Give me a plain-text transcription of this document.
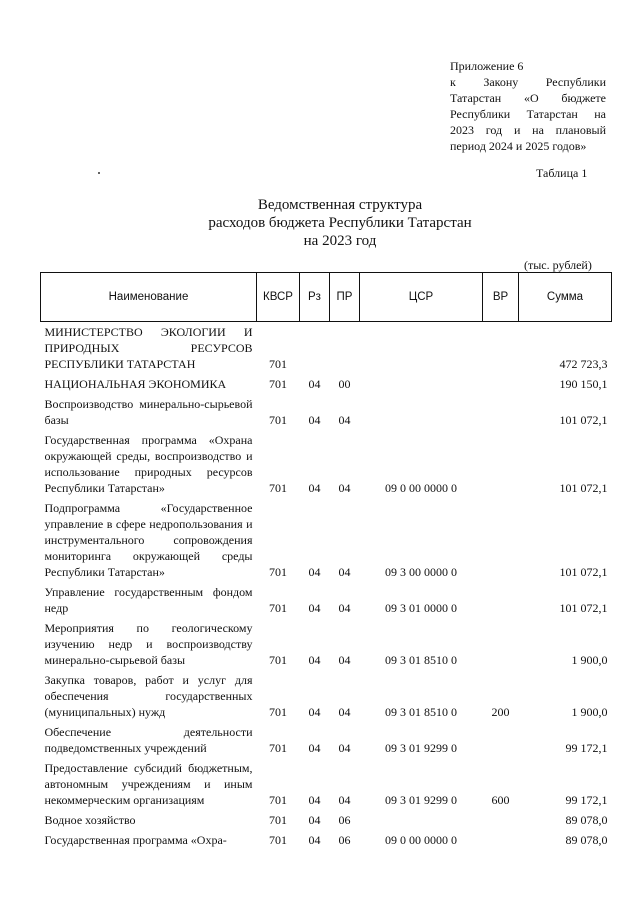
Приложение 6
к Закону Республики
Татарстан «О бюджете
Республики Татарстан на
2023 год и на плановый
период 2024 и 2025 годов»
Таблица 1
Ведомственная структура
расходов бюджета Республики Татарстан
на 2023 год
(тыс. рублей)
Наименование	КВСР	Рз	ПР	ЦСР	ВР	Сумма
МИНИСТЕРСТВО ЭКОЛОГИИ И ПРИРОДНЫХ РЕСУРСОВ РЕСПУБЛИКИ ТАТАРСТАН	701					472 723,3
НАЦИОНАЛЬНАЯ ЭКОНОМИКА	701	04	00			190 150,1
Воспроизводство минерально-сырьевой базы	701	04	04			101 072,1
Государственная программа «Охрана окружающей среды, воспроизводство и использование природных ресурсов Республики Татарстан»	701	04	04	09 0 00 0000 0		101 072,1
Подпрограмма «Государственное управление в сфере недропользования и инструментального сопровождения мониторинга окружающей среды Республики Татарстан»	701	04	04	09 3 00 0000 0		101 072,1
Управление государственным фондом недр	701	04	04	09 3 01 0000 0		101 072,1
Мероприятия по геологическому изучению недр и воспроизводству минерально-сырьевой базы	701	04	04	09 3 01 8510 0		1 900,0
Закупка товаров, работ и услуг для обеспечения государственных (муниципальных) нужд	701	04	04	09 3 01 8510 0	200	1 900,0
Обеспечение деятельности подведомственных учреждений	701	04	04	09 3 01 9299 0		99 172,1
Предоставление субсидий бюджетным, автономным учреждениям и иным некоммерческим организациям	701	04	04	09 3 01 9299 0	600	99 172,1
Водное хозяйство	701	04	06			89 078,0
Государственная программа «Охра-	701	04	06	09 0 00 0000 0		89 078,0
